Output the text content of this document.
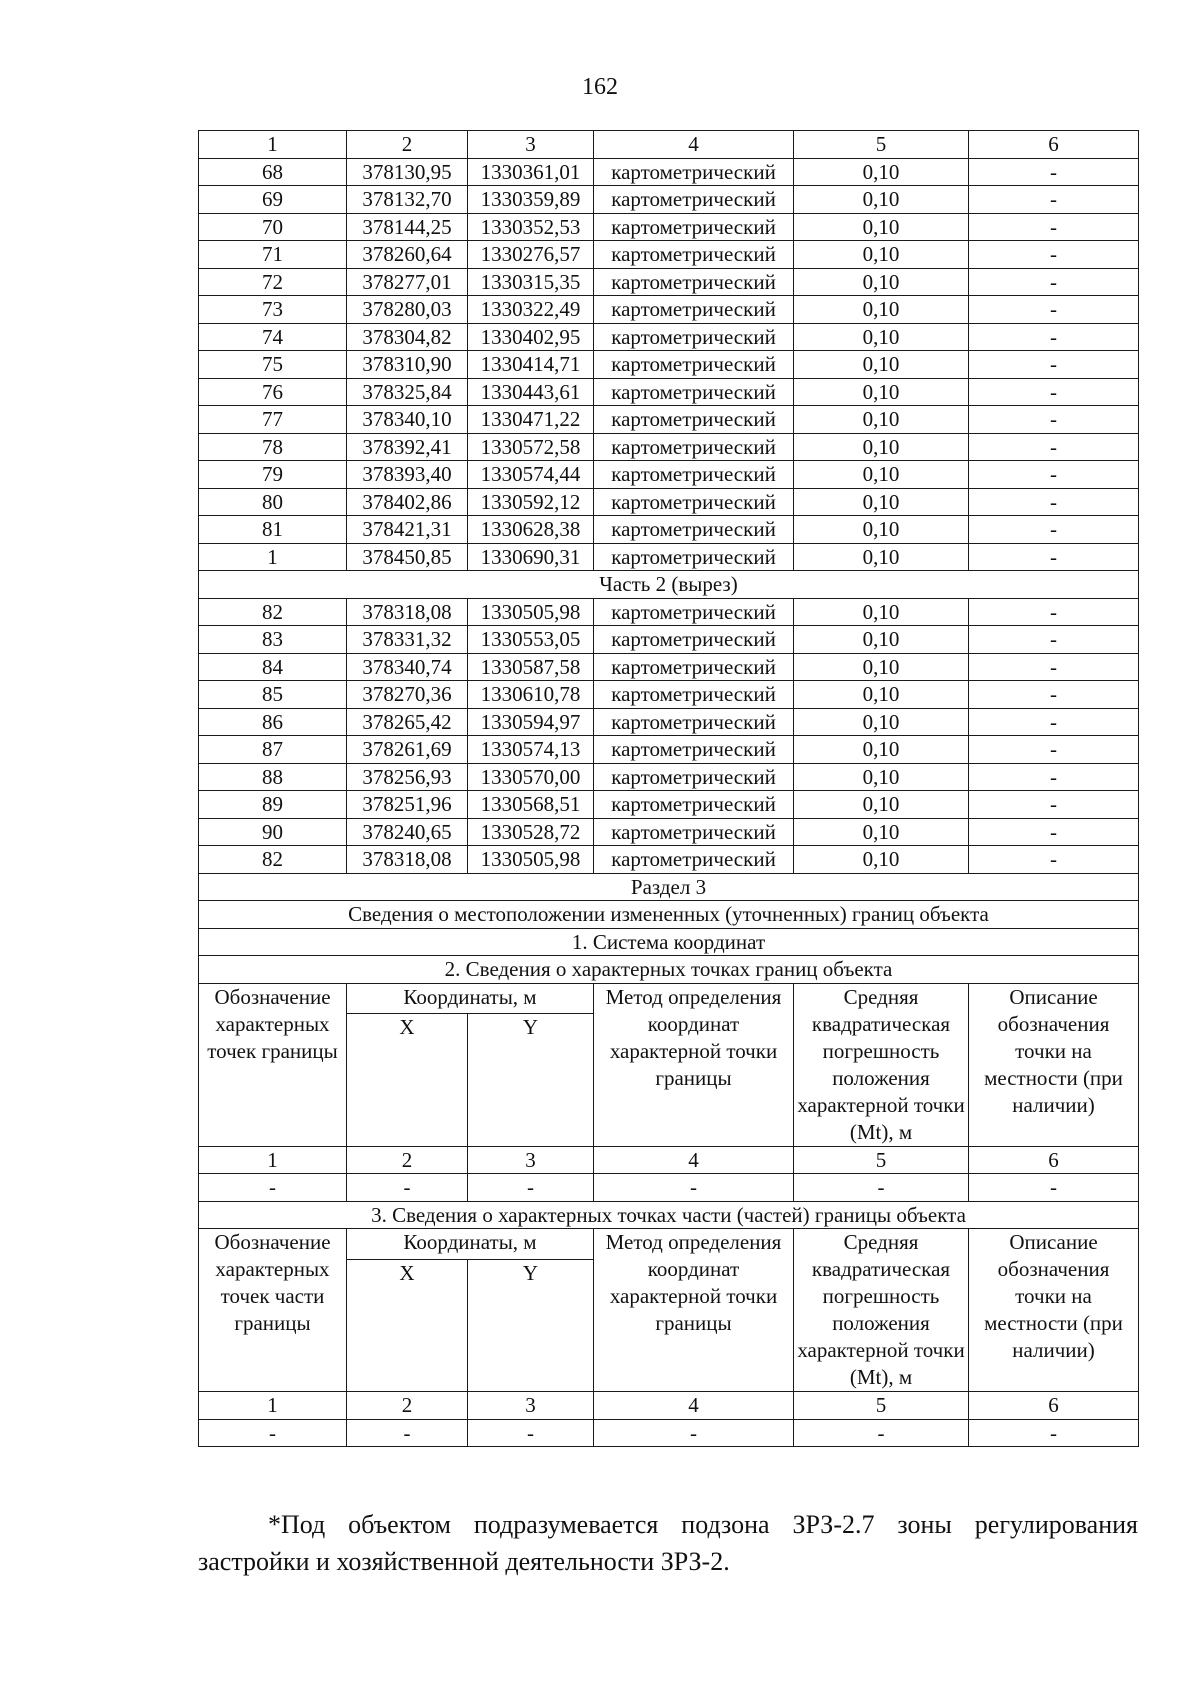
162
1	2	3	4	5	6
68	378130,95	1330361,01	картометрический	0,10	-
69	378132,70	1330359,89	картометрический	0,10	-
70	378144,25	1330352,53	картометрический	0,10	-
71	378260,64	1330276,57	картометрический	0,10	-
72	378277,01	1330315,35	картометрический	0,10	-
73	378280,03	1330322,49	картометрический	0,10	-
74	378304,82	1330402,95	картометрический	0,10	-
75	378310,90	1330414,71	картометрический	0,10	-
76	378325,84	1330443,61	картометрический	0,10	-
77	378340,10	1330471,22	картометрический	0,10	-
78	378392,41	1330572,58	картометрический	0,10	-
79	378393,40	1330574,44	картометрический	0,10	-
80	378402,86	1330592,12	картометрический	0,10	-
81	378421,31	1330628,38	картометрический	0,10	-
1	378450,85	1330690,31	картометрический	0,10	-
Часть 2 (вырез)					
82	378318,08	1330505,98	картометрический	0,10	-
83	378331,32	1330553,05	картометрический	0,10	-
84	378340,74	1330587,58	картометрический	0,10	-
85	378270,36	1330610,78	картометрический	0,10	-
86	378265,42	1330594,97	картометрический	0,10	-
87	378261,69	1330574,13	картометрический	0,10	-
88	378256,93	1330570,00	картометрический	0,10	-
89	378251,96	1330568,51	картометрический	0,10	-
90	378240,65	1330528,72	картометрический	0,10	-
82	378318,08	1330505,98	картометрический	0,10	-
Раздел 3					
Сведения о местоположении измененных (уточненных) границ объекта					
1. Система координат					
2. Сведения о характерных точках границ объекта					
Обозначение характерных точек границы	Координаты, м		Метод определения координат характерной точки границы	Средняя квадратическая погрешность положения характерной точки (Mt), м	Описание обозначения точки на местности (при наличии)
	X	Y			
1	2	3	4	5	6
-	-	-	-	-	-
3. Сведения о характерных точках части (частей) границы объекта					
Обозначение характерных точек части границы	Координаты, м		Метод определения координат характерной точки границы	Средняя квадратическая погрешность положения характерной точки (Mt), м	Описание обозначения точки на местности (при наличии)
	X	Y			
1	2	3	4	5	6
-	-	-	-	-	-

*Под объектом подразумевается подзона ЗРЗ-2.7 зоны регулирования застройки и хозяйственной деятельности ЗРЗ-2.
